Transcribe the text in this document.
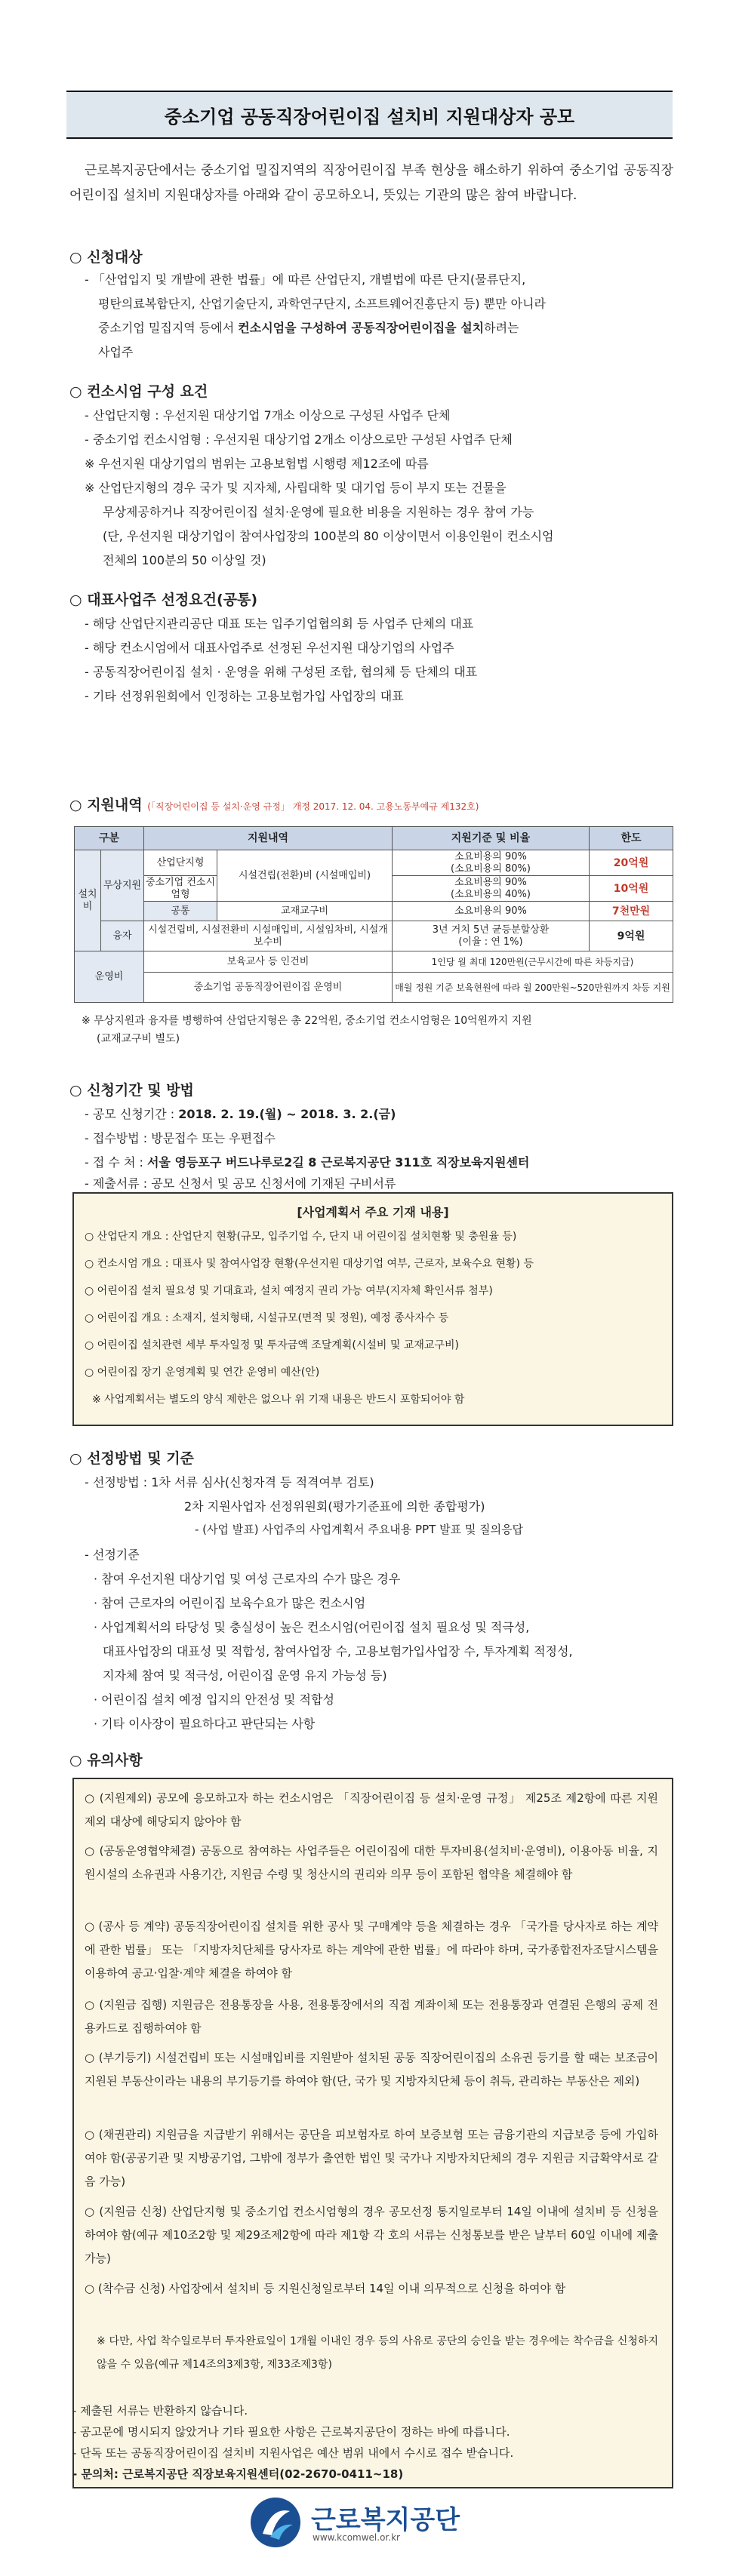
중소기업 공동직장어린이집 설치비 지원대상자 공모
근로복지공단에서는 중소기업 밀집지역의 직장어린이집 부족 현상을 해소하기 위하여 중소기업 공동직장어린이집 설치비 지원대상자를 아래와 같이 공모하오니, 뜻있는 기관의 많은 참여 바랍니다.
○ 신청대상
- 「산업입지 및 개발에 관한 법률」에 따른 산업단지, 개별법에 따른 단지(물류단지,
평탄의료복합단지, 산업기술단지, 과학연구단지, 소프트웨어진흥단지 등) 뿐만 아니라
중소기업 밀집지역 등에서 컨소시엄을 구성하여 공동직장어린이집을 설치하려는
사업주
○ 컨소시엄 구성 요건
- 산업단지형 : 우선지원 대상기업 7개소 이상으로 구성된 사업주 단체
- 중소기업 컨소시엄형 : 우선지원 대상기업 2개소 이상으로만 구성된 사업주 단체
※ 우선지원 대상기업의 범위는 고용보험법 시행령 제12조에 따름
※ 산업단지형의 경우 국가 및 지자체, 사립대학 및 대기업 등이 부지 또는 건물을
무상제공하거나 직장어린이집 설치·운영에 필요한 비용을 지원하는 경우 참여 가능
(단, 우선지원 대상기업이 참여사업장의 100분의 80 이상이면서 이용인원이 컨소시엄
전체의 100분의 50 이상일 것)
○ 대표사업주 선정요건(공통)
- 해당 산업단지관리공단 대표 또는 입주기업협의회 등 사업주 단체의 대표
- 해당 컨소시엄에서 대표사업주로 선정된 우선지원 대상기업의 사업주
- 공동직장어린이집 설치 · 운영을 위해 구성된 조합, 협의체 등 단체의 대표
- 기타 선정위원회에서 인정하는 고용보험가입 사업장의 대표
○ 지원내역 (「직장어린이집 등 설치·운영 규정」 개정 2017. 12. 04. 고용노동부예규 제132호)
구분		지원내역		지원기준 및 비율	한도
설치비	무상지원	산업단지형	시설건립(전환)비 (시설매입비)	소요비용의 90%
(소요비용의 80%)	20억원
		중소기업 컨소시엄형		소요비용의 90%
(소요비용의 40%)	10억원
		공통	교재교구비	소요비용의 90%	7천만원
	융자	시설건립비, 시설전환비 시설매입비, 시설임차비, 시설개보수비		3년 거치 5년 균등분할상환
(이율 : 연 1%)	9억원
운영비		보육교사 등 인건비		1인당 월 최대 120만원(근무시간에 따른 차등지급)	
		중소기업 공동직장어린이집 운영비		매월 정원 기준 보육현원에 따라 월 200만원~520만원까지 차등 지원	
※ 무상지원과 융자를 병행하여 산업단지형은 총 22억원, 중소기업 컨소시엄형은 10억원까지 지원
(교재교구비 별도)
○ 신청기간 및 방법
- 공모 신청기간 : 2018. 2. 19.(월) ~ 2018. 3. 2.(금)
- 접수방법 : 방문접수 또는 우편접수
- 접 수 처 : 서울 영등포구 버드나루로2길 8 근로복지공단 311호 직장보육지원센터
- 제출서류 : 공모 신청서 및 공모 신청서에 기재된 구비서류
[사업계획서 주요 기재 내용]
○ 산업단지 개요 : 산업단지 현황(규모, 입주기업 수, 단지 내 어린이집 설치현황 및 충원율 등)
○ 컨소시엄 개요 : 대표사 및 참여사업장 현황(우선지원 대상기업 여부, 근로자, 보육수요 현황) 등
○ 어린이집 설치 필요성 및 기대효과, 설치 예정지 권리 가능 여부(지자체 확인서류 첨부)
○ 어린이집 개요 : 소재지, 설치형태, 시설규모(면적 및 정원), 예정 종사자수 등
○ 어린이집 설치관련 세부 투자일정 및 투자금액 조달계획(시설비 및 교재교구비)
○ 어린이집 장기 운영계획 및 연간 운영비 예산(안)
※ 사업계획서는 별도의 양식 제한은 없으나 위 기재 내용은 반드시 포함되어야 함
○ 선정방법 및 기준
- 선정방법 : 1차 서류 심사(신청자격 등 적격여부 검토)
2차 지원사업자 선정위원회(평가기준표에 의한 종합평가)
- (사업 발표) 사업주의 사업계획서 주요내용 PPT 발표 및 질의응답
- 선정기준
· 참여 우선지원 대상기업 및 여성 근로자의 수가 많은 경우
· 참여 근로자의 어린이집 보육수요가 많은 컨소시엄
· 사업계획서의 타당성 및 충실성이 높은 컨소시엄(어린이집 설치 필요성 및 적극성,
대표사업장의 대표성 및 적합성, 참여사업장 수, 고용보험가입사업장 수, 투자계획 적정성,
지자체 참여 및 적극성, 어린이집 운영 유지 가능성 등)
· 어린이집 설치 예정 입지의 안전성 및 적합성
· 기타 이사장이 필요하다고 판단되는 사항
○ 유의사항
○ (지원제외) 공모에 응모하고자 하는 컨소시엄은 「직장어린이집 등 설치·운영 규정」 제25조 제2항에 따른 지원 제외 대상에 해당되지 않아야 함
○ (공동운영협약체결) 공동으로 참여하는 사업주들은 어린이집에 대한 투자비용(설치비·운영비), 이용아동 비율, 지원시설의 소유권과 사용기간, 지원금 수령 및 청산시의 권리와 의무 등이 포함된 협약을 체결해야 함
○ (공사 등 계약) 공동직장어린이집 설치를 위한 공사 및 구매계약 등을 체결하는 경우 「국가를 당사자로 하는 계약에 관한 법률」 또는 「지방자치단체를 당사자로 하는 계약에 관한 법률」에 따라야 하며, 국가종합전자조달시스템을 이용하여 공고·입찰·계약 체결을 하여야 함
○ (지원금 집행) 지원금은 전용통장을 사용, 전용통장에서의 직접 계좌이체 또는 전용통장과 연결된 은행의 공제 전용카드로 집행하여야 함
○ (부기등기) 시설건립비 또는 시설매입비를 지원받아 설치된 공동 직장어린이집의 소유권 등기를 할 때는 보조금이 지원된 부동산이라는 내용의 부기등기를 하여야 함(단, 국가 및 지방자치단체 등이 취득, 관리하는 부동산은 제외)
○ (채권관리) 지원금을 지급받기 위해서는 공단을 피보험자로 하여 보증보험 또는 금융기관의 지급보증 등에 가입하여야 함(공공기관 및 지방공기업, 그밖에 정부가 출연한 법인 및 국가나 지방자치단체의 경우 지원금 지급확약서로 갈음 가능)
○ (지원금 신청) 산업단지형 및 중소기업 컨소시엄형의 경우 공모선정 통지일로부터 14일 이내에 설치비 등 신청을 하여야 함(예규 제10조2항 및 제29조제2항에 따라 제1항 각 호의 서류는 신청통보를 받은 날부터 60일 이내에 제출 가능)
○ (착수금 신청) 사업장에서 설치비 등 지원신청일로부터 14일 이내 의무적으로 신청을 하여야 함
※ 다만, 사업 착수일로부터 투자완료일이 1개월 이내인 경우 등의 사유로 공단의 승인을 받는 경우에는 착수금을 신청하지 않을 수 있음(예규 제14조의3제3항, 제33조제3항)
- 제출된 서류는 반환하지 않습니다.
- 공고문에 명시되지 않았거나 기타 필요한 사항은 근로복지공단이 정하는 바에 따릅니다.
- 단독 또는 공동직장어린이집 설치비 지원사업은 예산 범위 내에서 수시로 접수 받습니다.
- 문의처: 근로복지공단 직장보육지원센터(02-2670-0411~18)
근로복지공단
www.kcomwel.or.kr
